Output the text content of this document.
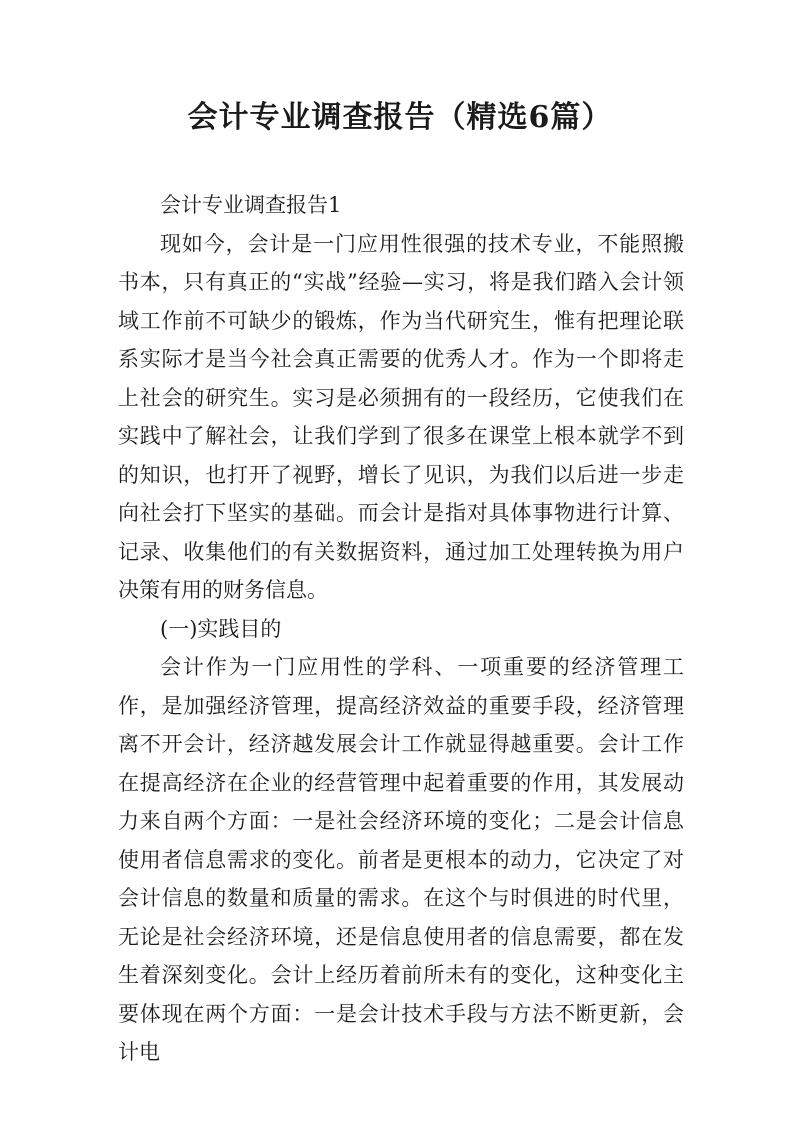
会计专业调查报告（精选6篇）

会计专业调查报告1

现如今，会计是一门应用性很强的技术专业，不能照搬书本，只有真正的“实战”经验—实习，将是我们踏入会计领域工作前不可缺少的锻炼，作为当代研究生，惟有把理论联系实际才是当今社会真正需要的优秀人才。作为一个即将走上社会的研究生。实习是必须拥有的一段经历，它使我们在实践中了解社会，让我们学到了很多在课堂上根本就学不到的知识，也打开了视野，增长了见识，为我们以后进一步走向社会打下坚实的基础。而会计是指对具体事物进行计算、记录、收集他们的有关数据资料，通过加工处理转换为用户决策有用的财务信息。

(一)实践目的

会计作为一门应用性的学科、一项重要的经济管理工作，是加强经济管理，提高经济效益的重要手段，经济管理离不开会计，经济越发展会计工作就显得越重要。会计工作在提高经济在企业的经营管理中起着重要的作用，其发展动力来自两个方面：一是社会经济环境的变化；二是会计信息使用者信息需求的变化。前者是更根本的动力，它决定了对会计信息的数量和质量的需求。在这个与时俱进的时代里，无论是社会经济环境，还是信息使用者的信息需要，都在发生着深刻变化。会计上经历着前所未有的变化，这种变化主要体现在两个方面：一是会计技术手段与方法不断更新，会计电
